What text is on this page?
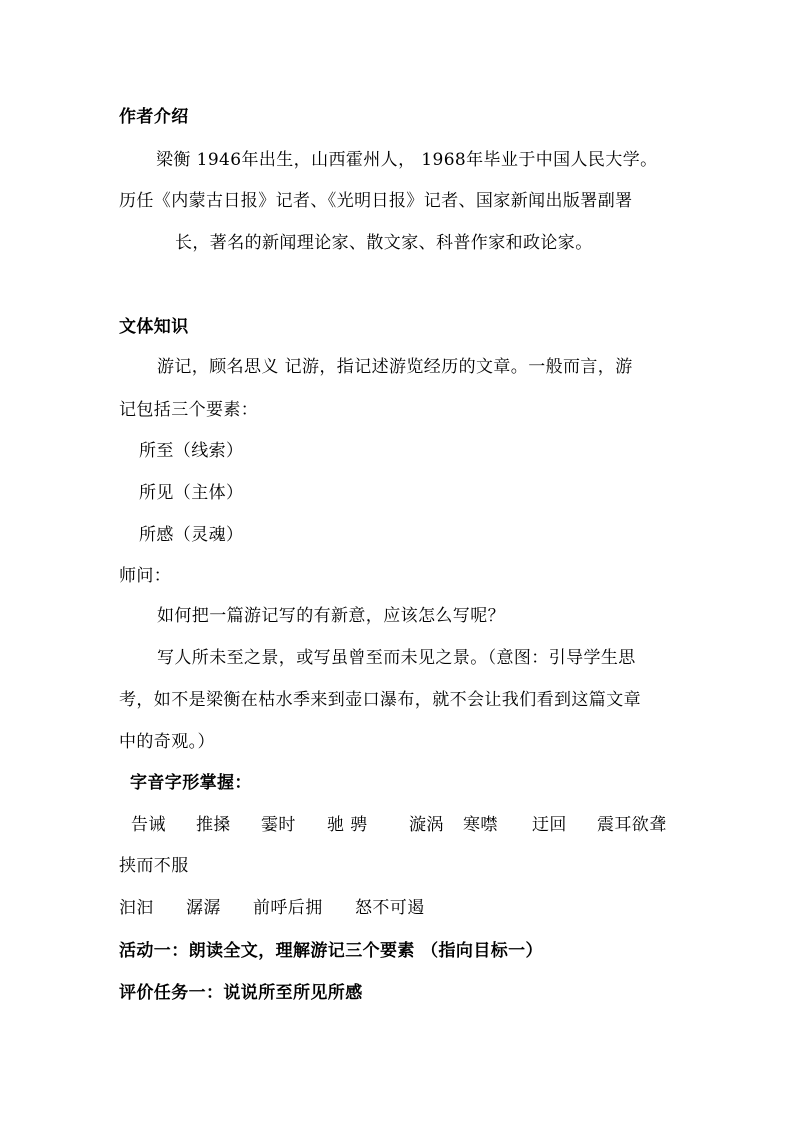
作者介绍
梁衡 1946年出生，山西霍州人， 1968年毕业于中国人民大学。
历任《内蒙古日报》记者、《光明日报》记者、国家新闻出版署副署
长，著名的新闻理论家、散文家、科普作家和政论家。
文体知识
游记，顾名思义 记游，指记述游览经历的文章。一般而言，游
记包括三个要素：
所至（线索）
所见（主体）
所感（灵魂）
师问：
如何把一篇游记写的有新意，应该怎么写呢？
写人所未至之景，或写虽曾至而未见之景。（意图：引导学生思
考，如不是梁衡在枯水季来到壶口瀑布，就不会让我们看到这篇文章
中的奇观。）
字音字形掌握：
告诫 推搡 霎时 驰 骋 漩涡 寒噤 迂回 震耳欲聋
挟而不服
汩汩 潺潺 前呼后拥 怒不可遏
活动一：朗读全文，理解游记三个要素 （指向目标一）
评价任务一：说说所至所见所感
